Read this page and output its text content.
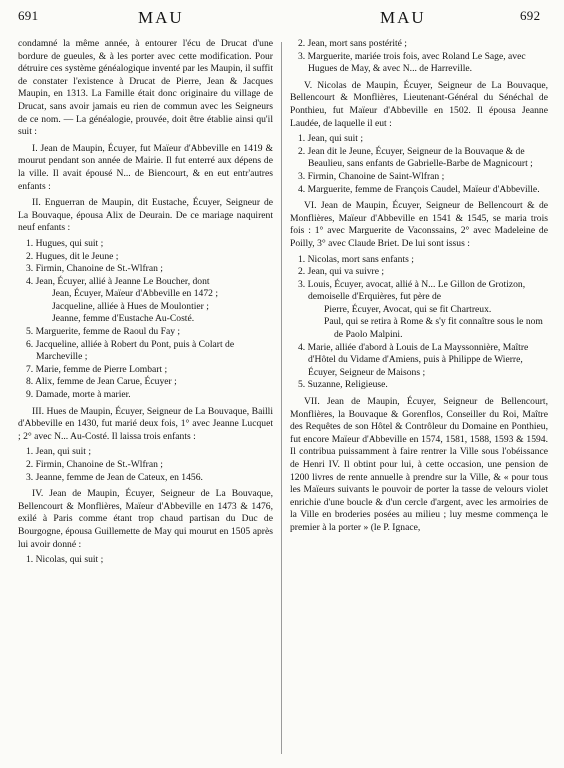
691	MAU	MAU	692

condamné la même année, à entourer l'écu de Drucat d'une bordure de gueules, & à les porter avec cette modification. Pour détruire ces système généalogique inventé par les Maupin, il suffit de constater l'existence à Drucat de Pierre, Jean & Jacques Maupin, en 1313. La Famille était donc originaire du village de Drucat, sans avoir jamais eu rien de commun avec les Seigneurs de ce nom. — La généalogie, prouvée, doit être établie ainsi qu'il suit :

I. Jean de Maupin, Écuyer, fut Maïeur d'Abbeville en 1419 & mourut pendant son année de Mairie. Il fut enterré aux dépens de la ville. Il avait épousé N... de Biencourt, & en eut entr'autres enfants :

II. Enguerran de Maupin, dit Eustache, Écuyer, Seigneur de La Bouvaque, épousa Alix de Deurain. De ce mariage naquirent neuf enfants :

1. Hugues, qui suit ;
2. Hugues, dit le Jeune ;
3. Firmin, Chanoine de St.-Wlfran ;
4. Jean, Écuyer, allié à Jeanne Le Boucher, dont
Jean, Écuyer, Maïeur d'Abbeville en 1472 ;
Jacqueline, alliée à Hues de Moulontier ;
Jeanne, femme d'Eustache Au-Costé.
5. Marguerite, femme de Raoul du Fay ;
6. Jacqueline, alliée à Robert du Pont, puis à Colart de Marcheville ;
7. Marie, femme de Pierre Lombart ;
8. Alix, femme de Jean Carue, Écuyer ;
9. Damade, morte à marier.

III. Hues de Maupin, Écuyer, Seigneur de La Bouvaque, Bailli d'Abbeville en 1430, fut marié deux fois, 1° avec Jeanne Lucquet ; 2° avec N... Au-Costé. Il laissa trois enfants :

1. Jean, qui suit ;
2. Firmin, Chanoine de St.-Wlfran ;
3. Jeanne, femme de Jean de Cateux, en 1456.

IV. Jean de Maupin, Écuyer, Seigneur de La Bouvaque, Bellencourt & Monflières, Maïeur d'Abbeville en 1473 & 1476, exilé à Paris comme étant trop chaud partisan du Duc de Bourgogne, épousa Guillemette de May qui mourut en 1505 après lui avoir donné :

1. Nicolas, qui suit ;
2. Jean, mort sans postérité ;
3. Marguerite, mariée trois fois, avec Roland Le Sage, avec Hugues de May, & avec N... de Harreville.

V. Nicolas de Maupin, Écuyer, Seigneur de La Bouvaque, Bellencourt & Monflières, Lieutenant-Général du Sénéchal de Ponthieu, fut Maïeur d'Abbeville en 1502. Il épousa Jeanne Laudée, de laquelle il eut :

1. Jean, qui suit ;
2. Jean dit le Jeune, Écuyer, Seigneur de la Bouvaque & de Beaulieu, sans enfants de Gabrielle-Barbe de Magnicourt ;
3. Firmin, Chanoine de Saint-Wlfran ;
4. Marguerite, femme de François Caudel, Maïeur d'Abbeville.

VI. Jean de Maupin, Écuyer, Seigneur de Bellencourt & de Monflières, Maïeur d'Abbeville en 1541 & 1545, se maria trois fois : 1° avec Marguerite de Vaconssains, 2° avec Madeleine de Poilly, 3° avec Claude Briet. De lui sont issus :

1. Nicolas, mort sans enfants ;
2. Jean, qui va suivre ;
3. Louis, Écuyer, avocat, allié à N... Le Gillon de Grotizon, demoiselle d'Erquières, fut père de
Pierre, Écuyer, Avocat, qui se fit Chartreux.
Paul, qui se retira à Rome & s'y fit connaître sous le nom de Paolo Malpini.
4. Marie, alliée d'abord à Louis de La Mayssonnière, Maître d'Hôtel du Vidame d'Amiens, puis à Philippe de Wierre, Écuyer, Seigneur de Maisons ;
5. Suzanne, Religieuse.

VII. Jean de Maupin, Écuyer, Seigneur de Bellencourt, Monflières, la Bouvaque & Gorenflos, Conseiller du Roi, Maître des Requêtes de son Hôtel & Contrôleur du Domaine en Ponthieu, fut encore Maïeur d'Abbeville en 1574, 1581, 1588, 1593 & 1594. Il contribua puissamment à faire rentrer la Ville sous l'obéissance de Henri IV. Il obtint pour lui, à cette occasion, une pension de 1200 livres de rente annuelle à prendre sur la Ville, & « pour tous les Maïeurs suivants le pouvoir de porter la tasse de velours violet enrichie d'une boucle & d'un cercle d'argent, avec les armoiries de la Ville en broderies posées au milieu ; luy mesme commença le premier à la porter » (le P. Ignace,
